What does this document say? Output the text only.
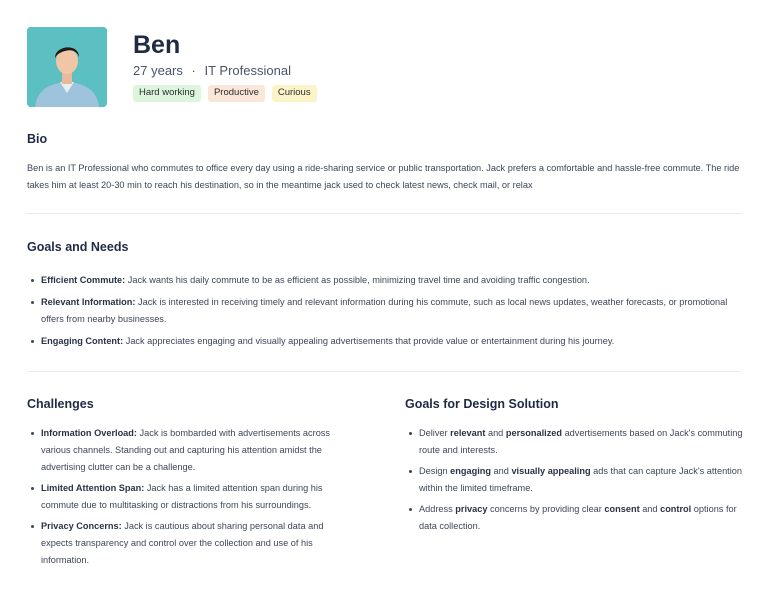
Ben
27 years · IT Professional
Hard working	Productive	Curious
Bio

Ben is an IT Professional who commutes to office every day using a ride-sharing service or public transportation. Jack prefers a comfortable and hassle-free commute. The ride takes him at least 20-30 min to reach his destination, so in the meantime jack used to check latest news, check mail, or relax

Goals and Needs
Efficient Commute: Jack wants his daily commute to be as efficient as possible, minimizing travel time and avoiding traffic congestion.
Relevant Information: Jack is interested in receiving timely and relevant information during his commute, such as local news updates, weather forecasts, or promotional offers from nearby businesses.
Engaging Content: Jack appreciates engaging and visually appealing advertisements that provide value or entertainment during his journey.
Challenges
Information Overload: Jack is bombarded with advertisements across various channels. Standing out and capturing his attention amidst the advertising clutter can be a challenge.
Limited Attention Span: Jack has a limited attention span during his commute due to multitasking or distractions from his surroundings.
Privacy Concerns: Jack is cautious about sharing personal data and expects transparency and control over the collection and use of his information.
Goals for Design Solution
Deliver relevant and personalized advertisements based on Jack's commuting route and interests.
Design engaging and visually appealing ads that can capture Jack's attention within the limited timeframe.
Address privacy concerns by providing clear consent and control options for data collection.
